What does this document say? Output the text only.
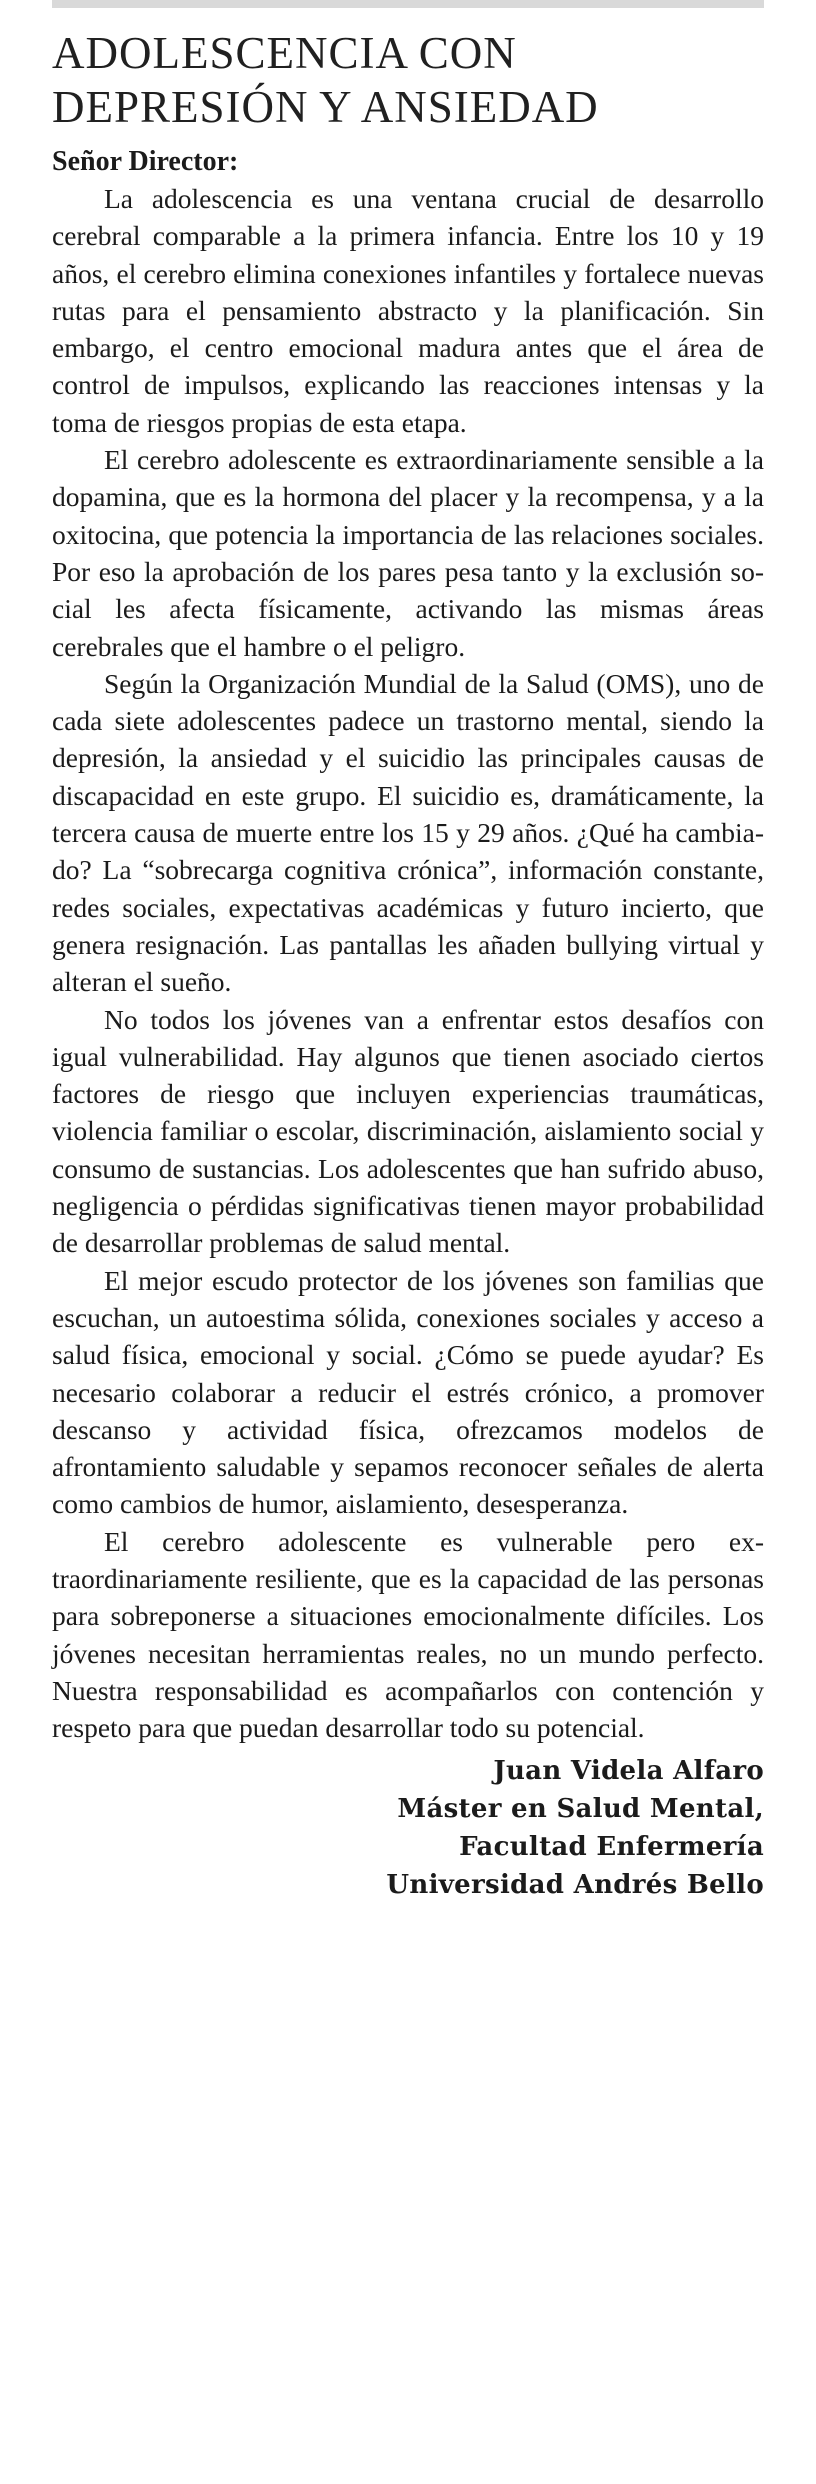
ADOLESCENCIA CON
DEPRESIÓN Y ANSIEDAD
Señor Director:

La adolescencia es una ventana crucial de desarrollo cerebral comparable a la primera infancia. Entre los 10 y 19 años, el cerebro elimina conexiones infantiles y fortalece nuevas rutas para el pensamiento abstracto y la planificación. Sin embargo, el centro emocional madura antes que el área de control de impulsos, explicando las reacciones intensas y la toma de riesgos propias de esta etapa.

El cerebro adolescente es extraordinariamente sensible a la dopamina, que es la hormona del placer y la recompensa, y a la oxitocina, que potencia la importancia de las relaciones sociales. Por eso la aprobación de los pares pesa tanto y la exclusión social les afecta físicamente, activando las mismas áreas cerebrales que el hambre o el peligro.

Según la Organización Mundial de la Salud (OMS), uno de cada siete adolescentes padece un trastorno mental, siendo la depresión, la ansiedad y el suicidio las principales causas de discapacidad en este grupo. El suicidio es, dramáticamente, la tercera causa de muerte entre los 15 y 29 años. ¿Qué ha cambiado? La “sobrecarga cognitiva crónica”, información constante, redes sociales, expectativas académicas y futuro incierto, que genera resignación. Las pantallas les añaden bullying virtual y alteran el sueño.

No todos los jóvenes van a enfrentar estos desafíos con igual vulnerabilidad. Hay algunos que tienen asociado ciertos factores de riesgo que incluyen experiencias traumáticas, violencia familiar o escolar, discriminación, aislamiento social y consumo de sustancias. Los adolescentes que han sufrido abuso, negligencia o pérdidas significativas tienen mayor probabilidad de desarrollar problemas de salud mental.

El mejor escudo protector de los jóvenes son familias que escuchan, un autoestima sólida, conexiones sociales y acceso a salud física, emocional y social. ¿Cómo se puede ayudar? Es necesario colaborar a reducir el estrés crónico, a promover descanso y actividad física, ofrezcamos modelos de afrontamiento saludable y sepamos reconocer señales de alerta como cambios de humor, aislamiento, desesperanza.

El cerebro adolescente es vulnerable pero extraordinariamente resiliente, que es la capacidad de las personas para sobreponerse a situaciones emocionalmente difíciles. Los jóvenes necesitan herramientas reales, no un mundo perfecto. Nuestra responsabilidad es acompañarlos con contención y respeto para que puedan desarrollar todo su potencial.

Juan Videla Alfaro
Máster en Salud Mental,
Facultad Enfermería
Universidad Andrés Bello
